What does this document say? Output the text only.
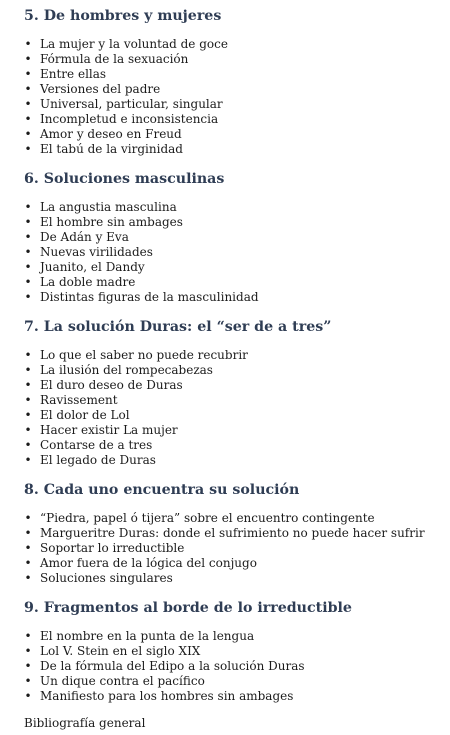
5. De hombres y mujeres
• La mujer y la voluntad de goce
• Fórmula de la sexuación
• Entre ellas
• Versiones del padre
• Universal, particular, singular
• Incompletud e inconsistencia
• Amor y deseo en Freud
• El tabú de la virginidad
6. Soluciones masculinas
• La angustia masculina
• El hombre sin ambages
• De Adán y Eva
• Nuevas virilidades
• Juanito, el Dandy
• La doble madre
• Distintas figuras de la masculinidad
7. La solución Duras: el “ser de a tres”
• Lo que el saber no puede recubrir
• La ilusión del rompecabezas
• El duro deseo de Duras
• Ravissement
• El dolor de Lol
• Hacer existir La mujer
• Contarse de a tres
• El legado de Duras
8. Cada uno encuentra su solución
• “Piedra, papel ó tijera” sobre el encuentro contingente
• Margueritre Duras: donde el sufrimiento no puede hacer sufrir
• Soportar lo irreductible
• Amor fuera de la lógica del conjugo
• Soluciones singulares
9. Fragmentos al borde de lo irreductible
• El nombre en la punta de la lengua
• Lol V. Stein en el siglo XIX
• De la fórmula del Edipo a la solución Duras
• Un dique contra el pacífico
• Manifiesto para los hombres sin ambages
Bibliografía general
